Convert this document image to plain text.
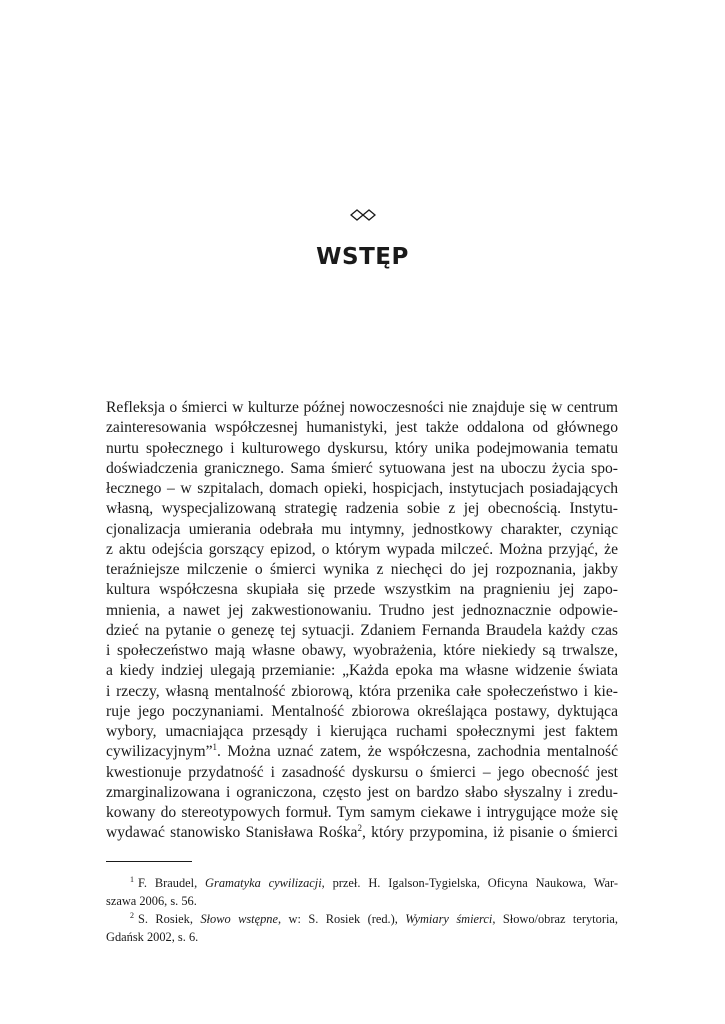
WSTĘP
Refleksja o śmierci w kulturze późnej nowoczesności nie znajduje się w centrum
zainteresowania współczesnej humanistyki, jest także oddalona od głównego
nurtu społecznego i kulturowego dyskursu, który unika podejmowania tematu
doświadczenia granicznego. Sama śmierć sytuowana jest na uboczu życia spo-
łecznego – w szpitalach, domach opieki, hospicjach, instytucjach posiadających
własną, wyspecjalizowaną strategię radzenia sobie z jej obecnością. Instytu-
cjonalizacja umierania odebrała mu intymny, jednostkowy charakter, czyniąc
z aktu odejścia gorszący epizod, o którym wypada milczeć. Można przyjąć, że
teraźniejsze milczenie o śmierci wynika z niechęci do jej rozpoznania, jakby
kultura współczesna skupiała się przede wszystkim na pragnieniu jej zapo-
mnienia, a nawet jej zakwestionowaniu. Trudno jest jednoznacznie odpowie-
dzieć na pytanie o genezę tej sytuacji. Zdaniem Fernanda Braudela każdy czas
i społeczeństwo mają własne obawy, wyobrażenia, które niekiedy są trwalsze,
a kiedy indziej ulegają przemianie: „Każda epoka ma własne widzenie świata
i rzeczy, własną mentalność zbiorową, która przenika całe społeczeństwo i kie-
ruje jego poczynaniami. Mentalność zbiorowa określająca postawy, dyktująca
wybory, umacniająca przesądy i kierująca ruchami społecznymi jest faktem
cywilizacyjnym”$^1$. Można uznać zatem, że współczesna, zachodnia mentalność
kwestionuje przydatność i zasadność dyskursu o śmierci – jego obecność jest
zmarginalizowana i ograniczona, często jest on bardzo słabo słyszalny i zredu-
kowany do stereotypowych formuł. Tym samym ciekawe i intrygujące może się
wydawać stanowisko Stanisława Rośka$^2$, który przypomina, iż pisanie o śmierci
$^1$ F. Braudel, Gramatyka cywilizacji, przeł. H. Igalson-Tygielska, Oficyna Naukowa, War-
szawa 2006, s. 56.
$^2$ S. Rosiek, Słowo wstępne, w: S. Rosiek (red.), Wymiary śmierci, Słowo/obraz terytoria,
Gdańsk 2002, s. 6.
